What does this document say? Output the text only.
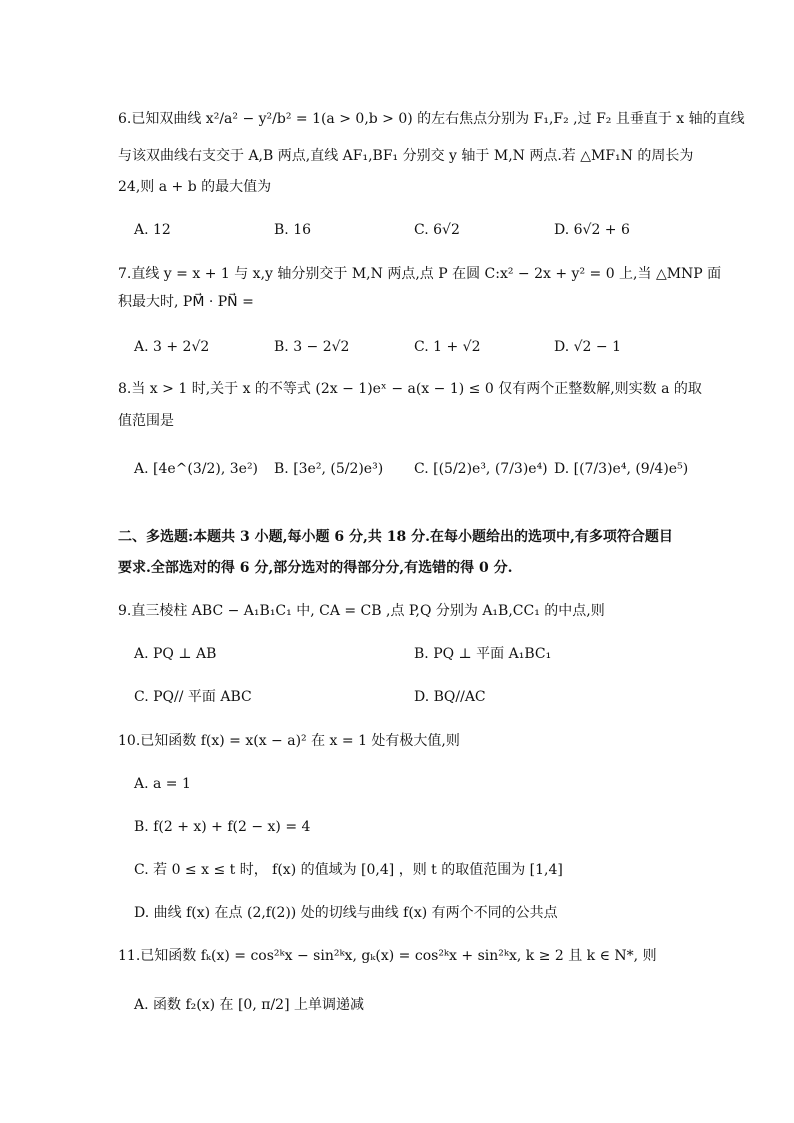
6.已知双曲线 x²/a² − y²/b² = 1(a > 0,b > 0) 的左右焦点分别为 F₁,F₂ ,过 F₂ 且垂直于 x 轴的直线
与该双曲线右支交于 A,B 两点,直线 AF₁,BF₁ 分别交 y 轴于 M,N 两点.若 △MF₁N 的周长为
24,则 a + b 的最大值为
A. 12	B. 16	C. 6√2	D. 6√2 + 6
7.直线 y = x + 1 与 x,y 轴分别交于 M,N 两点,点 P 在圆 C:x² − 2x + y² = 0 上,当 △MNP 面
积最大时, PM⃗ · PN⃗ =
A. 3 + 2√2	B. 3 − 2√2	C. 1 + √2	D. √2 − 1
8.当 x > 1 时,关于 x 的不等式 (2x − 1)eˣ − a(x − 1) ≤ 0 仅有两个正整数解,则实数 a 的取
值范围是
A. [4e^(3/2), 3e²) B. [3e², (5/2)e³) C. [(5/2)e³, (7/3)e⁴) D. [(7/3)e⁴, (9/4)e⁵)
二、多选题:本题共 3 小题,每小题 6 分,共 18 分.在每小题给出的选项中,有多项符合题目
要求.全部选对的得 6 分,部分选对的得部分分,有选错的得 0 分.
9.直三棱柱 ABC − A₁B₁C₁ 中, CA = CB ,点 P,Q 分别为 A₁B,CC₁ 的中点,则
A. PQ ⊥ AB	B. PQ ⊥ 平面 A₁BC₁
C. PQ// 平面 ABC	D. BQ//AC
10.已知函数 f(x) = x(x − a)² 在 x = 1 处有极大值,则
A. a = 1
B. f(2 + x) + f(2 − x) = 4
C. 若 0 ≤ x ≤ t 时， f(x) 的值域为 [0,4] ，则 t 的取值范围为 [1,4]
D. 曲线 f(x) 在点 (2,f(2)) 处的切线与曲线 f(x) 有两个不同的公共点
11.已知函数 fₖ(x) = cos²ᵏx − sin²ᵏx, gₖ(x) = cos²ᵏx + sin²ᵏx, k ≥ 2 且 k ∈ N*, 则
A. 函数 f₂(x) 在 [0, π/2] 上单调递减
